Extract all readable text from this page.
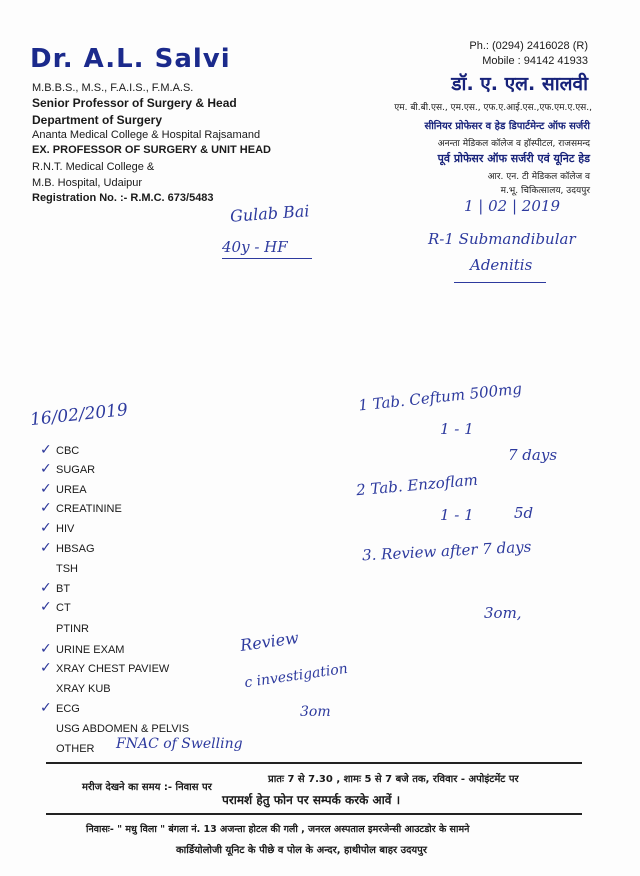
Dr. A.L. Salvi
M.B.B.S., M.S., F.A.I.S., F.M.A.S.
Senior Professor of Surgery & Head
Department of Surgery
Ananta Medical College & Hospital Rajsamand
EX. PROFESSOR OF SURGERY & UNIT HEAD
R.N.T. Medical College &
M.B. Hospital, Udaipur
Registration No. :- R.M.C. 673/5483
Ph.: (0294) 2416028 (R)
Mobile : 94142 41933
डॉ. ए. एल. सालवी
एम. बी.बी.एस., एम.एस., एफ.ए.आई.एस.,एफ.एम.ए.एस.,
सीनियर प्रोफेसर व हेड डिपार्टमेन्ट ऑफ सर्जरी
अनन्ता मेडिकल कॉलेज व हॉस्पीटल, राजसमन्द
पूर्व प्रोफेसर ऑफ सर्जरी एवं यूनिट हेड
आर. एन. टी मेडिकल कॉलेज व
म.भू. चिकित्सालय, उदयपुर
1 | 02 | 2019
Gulab Bai
40y - HF	R-1 Submandibular
Adenitis
16/02/2019
1 Tab. Ceftum 500mg
1 - 1
7 days
2 Tab. Enzoflam
1 - 1	5d
3. Review after 7 days
3om,
CBC
✓
SUGAR
✓
UREA
✓
CREATININE
✓
HIV
✓
HBSAG
✓
TSH
BT
✓
CT
✓
PTINR
URINE EXAM
✓
XRAY CHEST PAVIEW
✓
XRAY KUB
ECG
✓
USG ABDOMEN & PELVIS
OTHER FNAC of Swelling
Review
c investigation
3om
मरीज देखने का समय :- निवास पर
प्रातः 7 से 7.30 , शामः 5 से 7 बजे तक, रविवार - अपोइंटमेंट पर
परामर्श हेतु फोन पर सम्पर्क करके आवें ।
निवासः- " मधु विला " बंगला नं. 13 अजन्ता होटल की गली , जनरल अस्पताल इमरजेन्सी आउटडोर के सामने
कार्डियोलोजी यूनिट के पीछे व पोल के अन्दर, हाथीपोल बाहर उदयपुर
